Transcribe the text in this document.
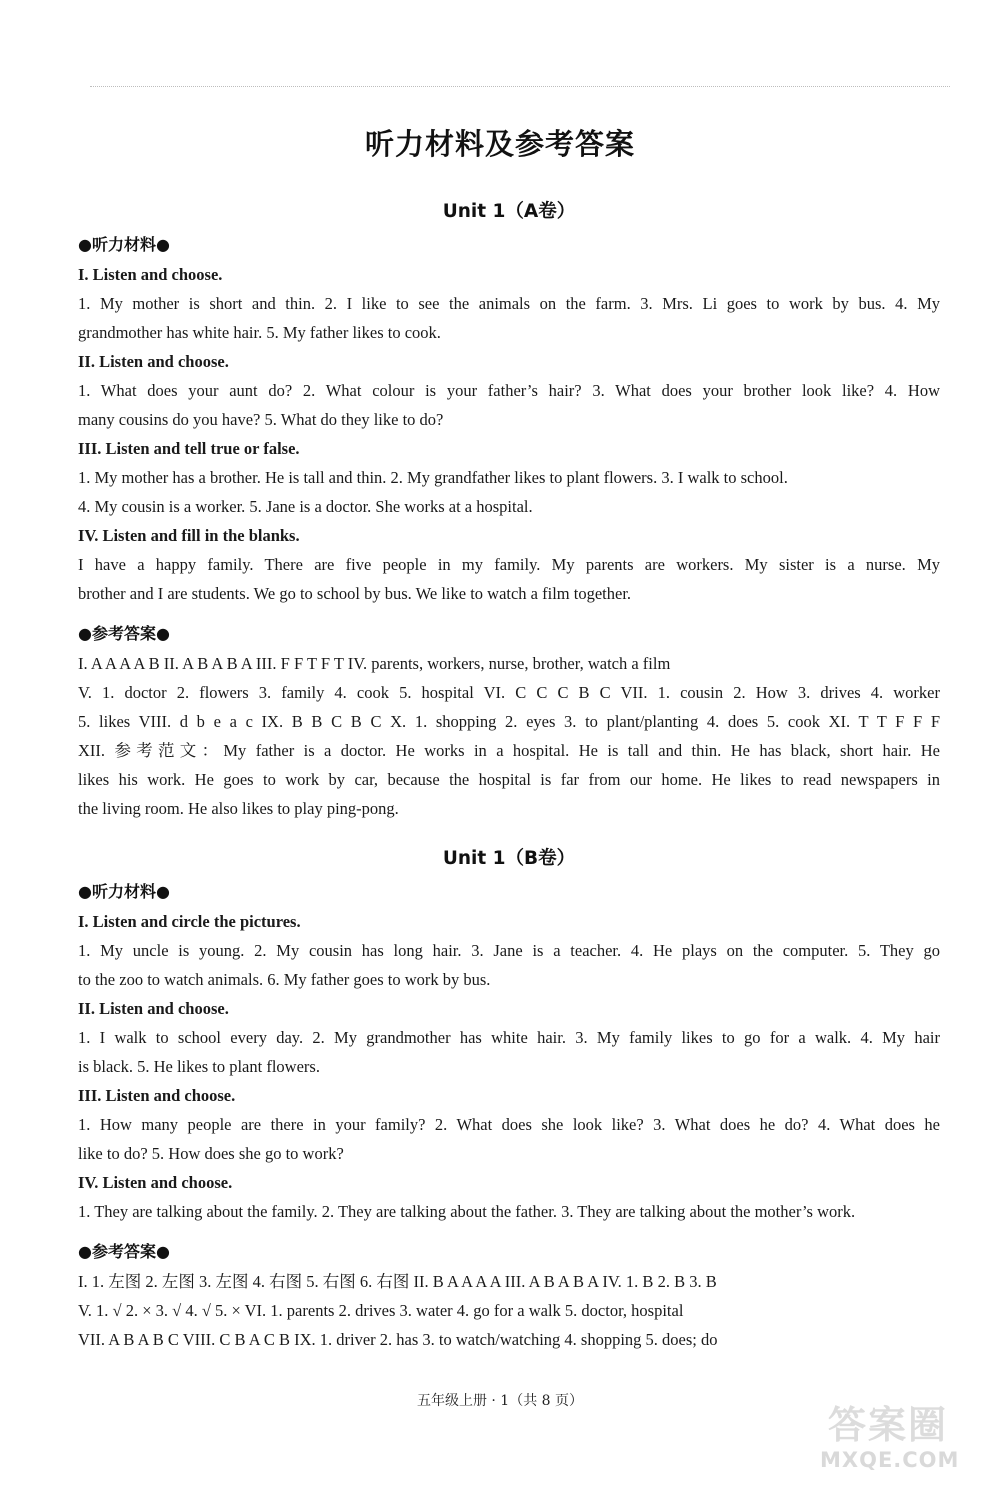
听力材料及参考答案
Unit 1（A卷）
●听力材料●
I. Listen and choose.
1. My mother is short and thin. 2. I like to see the animals on the farm. 3. Mrs. Li goes to work by bus. 4. My
grandmother has white hair. 5. My father likes to cook.
II. Listen and choose.
1. What does your aunt do? 2. What colour is your father’s hair? 3. What does your brother look like? 4. How
many cousins do you have? 5. What do they like to do?
III. Listen and tell true or false.
1. My mother has a brother. He is tall and thin. 2. My grandfather likes to plant flowers. 3. I walk to school.
4. My cousin is a worker. 5. Jane is a doctor. She works at a hospital.
IV. Listen and fill in the blanks.
I have a happy family. There are five people in my family. My parents are workers. My sister is a nurse. My
brother and I are students. We go to school by bus. We like to watch a film together.
●参考答案●
I. A A A A B II. A B A B A III. F F T F T IV. parents, workers, nurse, brother, watch a film
V. 1. doctor 2. flowers 3. family 4. cook 5. hospital VI. C C C B C VII. 1. cousin 2. How 3. drives 4. worker
5. likes VIII. d b e a c IX. B B C B C X. 1. shopping 2. eyes 3. to plant/planting 4. does 5. cook XI. T T F F F
XII. 参考范文：My father is a doctor. He works in a hospital. He is tall and thin. He has black, short hair. He
likes his work. He goes to work by car, because the hospital is far from our home. He likes to read newspapers in
the living room. He also likes to play ping-pong.
Unit 1（B卷）
●听力材料●
I. Listen and circle the pictures.
1. My uncle is young. 2. My cousin has long hair. 3. Jane is a teacher. 4. He plays on the computer. 5. They go
to the zoo to watch animals. 6. My father goes to work by bus.
II. Listen and choose.
1. I walk to school every day. 2. My grandmother has white hair. 3. My family likes to go for a walk. 4. My hair
is black. 5. He likes to plant flowers.
III. Listen and choose.
1. How many people are there in your family? 2. What does she look like? 3. What does he do? 4. What does he
like to do? 5. How does she go to work?
IV. Listen and choose.
1. They are talking about the family. 2. They are talking about the father. 3. They are talking about the mother’s work.
●参考答案●
I. 1. 左图 2. 左图 3. 左图 4. 右图 5. 右图 6. 右图 II. B A A A A III. A B A B A IV. 1. B 2. B 3. B
V. 1. √ 2. × 3. √ 4. √ 5. × VI. 1. parents 2. drives 3. water 4. go for a walk 5. doctor, hospital
VII. A B A B C VIII. C B A C B IX. 1. driver 2. has 3. to watch/watching 4. shopping 5. does; do
五年级上册 · 1（共 8 页）
答案圈
MXQE.COM
